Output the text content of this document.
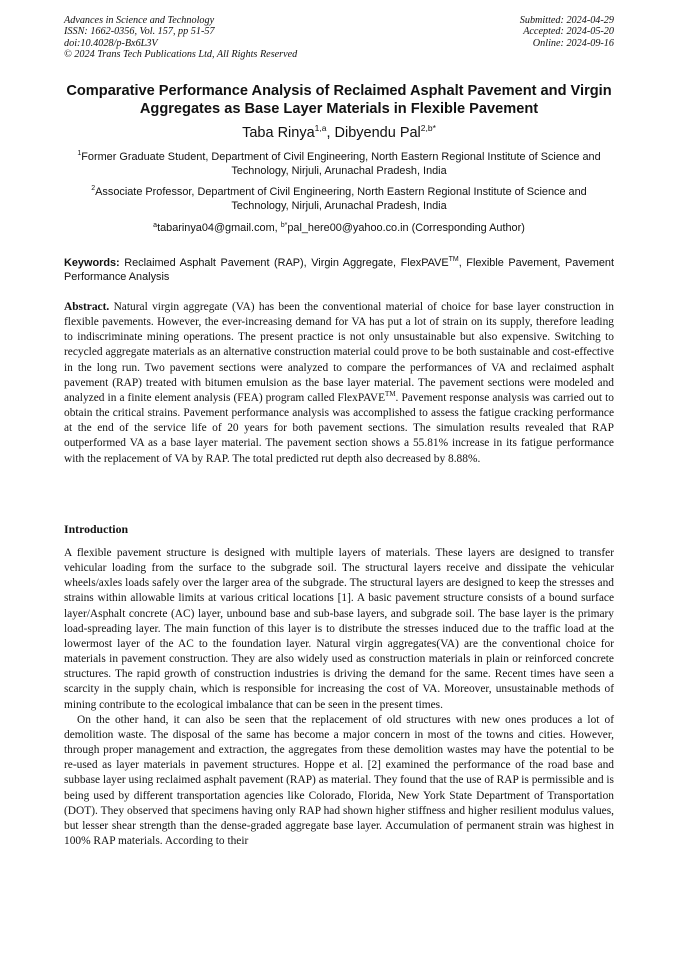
Advances in Science and Technology
ISSN: 1662-0356, Vol. 157, pp 51-57
doi:10.4028/p-Bx6L3V
© 2024 Trans Tech Publications Ltd, All Rights Reserved
Submitted: 2024-04-29
Accepted: 2024-05-20
Online: 2024-09-16
Comparative Performance Analysis of Reclaimed Asphalt Pavement and Virgin Aggregates as Base Layer Materials in Flexible Pavement
Taba Rinya$^{1,a}$, Dibyendu Pal$^{2,b*}$
$^1$Former Graduate Student, Department of Civil Engineering, North Eastern Regional Institute of Science and Technology, Nirjuli, Arunachal Pradesh, India
$^2$Associate Professor, Department of Civil Engineering, North Eastern Regional Institute of Science and Technology, Nirjuli, Arunachal Pradesh, India
$^a$tabarinya04@gmail.com, $^{b*}$pal_here00@yahoo.co.in (Corresponding Author)
Keywords: Reclaimed Asphalt Pavement (RAP), Virgin Aggregate, FlexPAVE™, Flexible Pavement, Pavement Performance Analysis
Abstract. Natural virgin aggregate (VA) has been the conventional material of choice for base layer construction in flexible pavements. However, the ever-increasing demand for VA has put a lot of strain on its supply, therefore leading to indiscriminate mining operations. The present practice is not only unsustainable but also expensive. Switching to recycled aggregate materials as an alternative construction material could prove to be both sustainable and cost-effective in the long run. Two pavement sections were analyzed to compare the performances of VA and reclaimed asphalt pavement (RAP) treated with bitumen emulsion as the base layer material. The pavement sections were modeled and analyzed in a finite element analysis (FEA) program called FlexPAVE™. Pavement response analysis was carried out to obtain the critical strains. Pavement performance analysis was accomplished to assess the fatigue cracking performance at the end of the service life of 20 years for both pavement sections. The simulation results revealed that RAP outperformed VA as a base layer material. The pavement section shows a 55.81% increase in its fatigue performance with the replacement of VA by RAP. The total predicted rut depth also decreased by 8.88%.
Introduction

A flexible pavement structure is designed with multiple layers of materials. These layers are designed to transfer vehicular loading from the surface to the subgrade soil. The structural layers receive and dissipate the vehicular wheels/axles loads safely over the larger area of the subgrade. The structural layers are designed to keep the stresses and strains within allowable limits at various critical locations [1]. A basic pavement structure consists of a bound surface layer/Asphalt concrete (AC) layer, unbound base and sub-base layers, and subgrade soil. The base layer is the primary load-spreading layer. The main function of this layer is to distribute the stresses induced due to the traffic load at the lowermost layer of the AC to the foundation layer. Natural virgin aggregates(VA) are the conventional choice for materials in pavement construction. They are also widely used as construction materials in plain or reinforced concrete structures. The rapid growth of construction industries is driving the demand for the same. Recent times have seen a scarcity in the supply chain, which is responsible for increasing the cost of VA. Moreover, unsustainable methods of mining contribute to the ecological imbalance that can be seen in the present times.

On the other hand, it can also be seen that the replacement of old structures with new ones produces a lot of demolition waste. The disposal of the same has become a major concern in most of the towns and cities. However, through proper management and extraction, the aggregates from these demolition wastes may have the potential to be re-used as layer materials in pavement structures. Hoppe et al. [2] examined the performance of the road base and subbase layer using reclaimed asphalt pavement (RAP) as material. They found that the use of RAP is permissible and is being used by different transportation agencies like Colorado, Florida, New York State Department of Transportation (DOT). They observed that specimens having only RAP had shown higher stiffness and higher resilient modulus values, but lesser shear strength than the dense-graded aggregate base layer. Accumulation of permanent strain was highest in 100% RAP materials. According to their
